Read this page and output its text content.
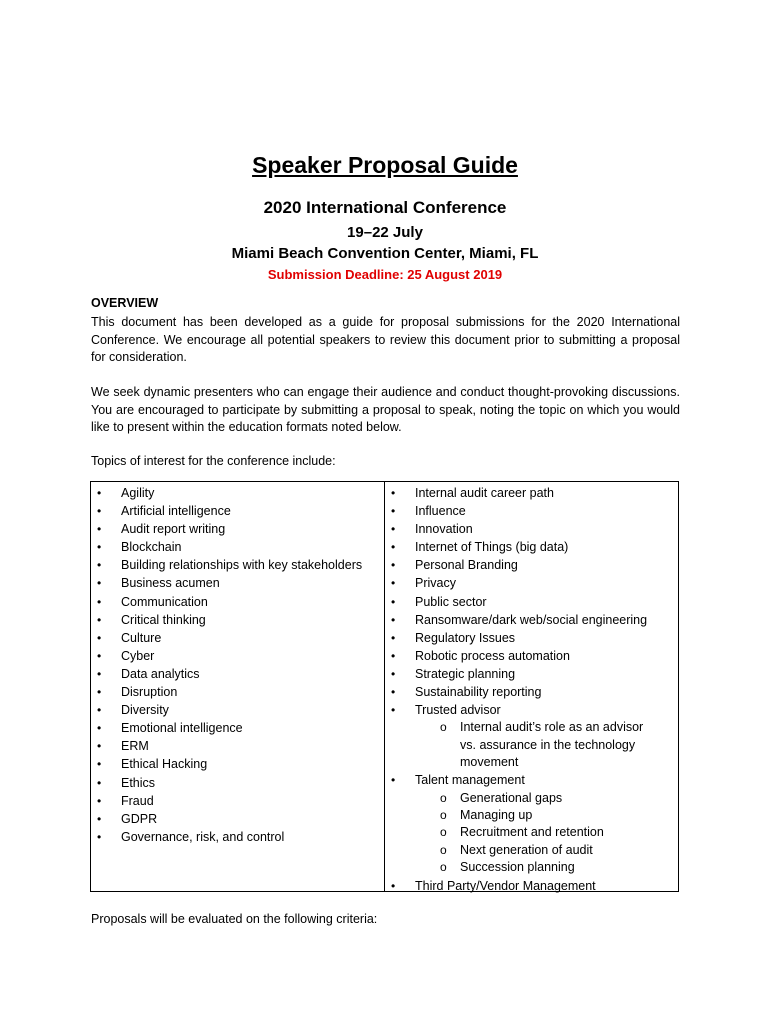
Speaker Proposal Guide
2020 International Conference
19–22 July
Miami Beach Convention Center, Miami, FL
Submission Deadline: 25 August 2019
OVERVIEW

This document has been developed as a guide for proposal submissions for the 2020 International Conference. We encourage all potential speakers to review this document prior to submitting a proposal for consideration.

We seek dynamic presenters who can engage their audience and conduct thought-provoking discussions. You are encouraged to participate by submitting a proposal to speak, noting the topic on which you would like to present within the education formats noted below.

Topics of interest for the conference include:

• Agility
• Artificial intelligence
• Audit report writing
• Blockchain
• Building relationships with key stakeholders
• Business acumen
• Communication
• Critical thinking
• Culture
• Cyber
• Data analytics
• Disruption
• Diversity
• Emotional intelligence
• ERM
• Ethical Hacking
• Ethics
• Fraud
• GDPR
• Governance, risk, and control
• Internal audit career path
• Influence
• Innovation
• Internet of Things (big data)
• Personal Branding
• Privacy
• Public sector
• Ransomware/dark web/social engineering
• Regulatory Issues
• Robotic process automation
• Strategic planning
• Sustainability reporting
• Trusted advisor
o Internal audit’s role as an advisor vs. assurance in the technology movement
• Talent management
o Generational gaps
o Managing up
o Recruitment and retention
o Next generation of audit
o Succession planning
• Third Party/Vendor Management

Proposals will be evaluated on the following criteria:
